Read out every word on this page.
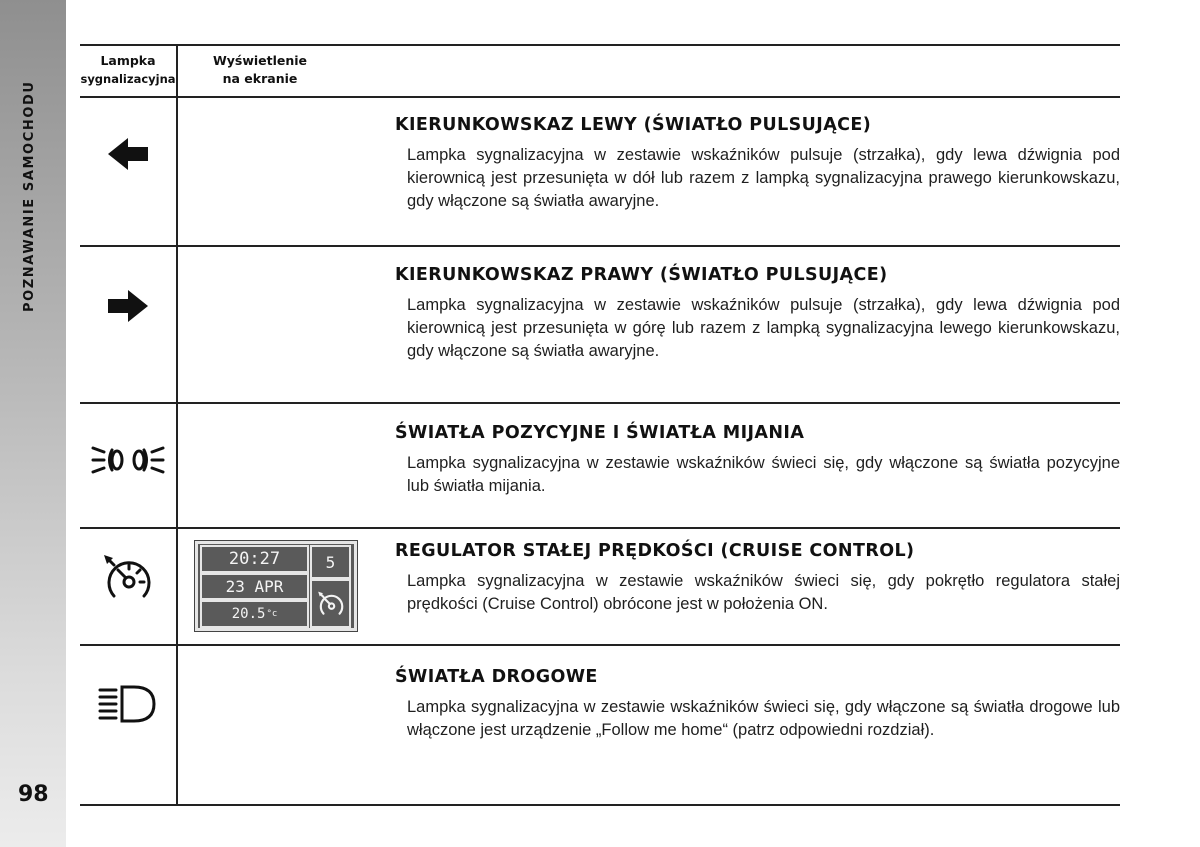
POZNAWANIE SAMOCHODU
98
Lampka
sygnalizacyjna
Wyświetlenie
na ekranie
KIERUNKOWSKAZ LEWY (ŚWIATŁO PULSUJĄCE)
Lampka sygnalizacyjna w zestawie wskaźników pulsuje (strzałka), gdy lewa dźwignia pod kierownicą jest przesunięta w dół lub razem z lampką sygnalizacyjna prawego kierunkowskazu, gdy włączone są światła awaryjne.
KIERUNKOWSKAZ PRAWY (ŚWIATŁO PULSUJĄCE)
Lampka sygnalizacyjna w zestawie wskaźników pulsuje (strzałka), gdy lewa dźwignia pod kierownicą jest przesunięta w górę lub razem z lampką sygnalizacyjna lewego kierunkowskazu, gdy włączone są światła awaryjne.
ŚWIATŁA POZYCYJNE I ŚWIATŁA MIJANIA
Lampka sygnalizacyjna w zestawie wskaźników świeci się, gdy włączone są światła pozycyjne lub światła mijania.
REGULATOR STAŁEJ PRĘDKOŚCI (CRUISE CONTROL)
Lampka sygnalizacyjna w zestawie wskaźników świeci się, gdy pokrętło regulatora stałej prędkości (Cruise Control) obrócone jest w położenia ON.
ŚWIATŁA DROGOWE
Lampka sygnalizacyjna w zestawie wskaźników świeci się, gdy włączone są światła drogowe lub włączone jest urządzenie „Follow me home“ (patrz odpowiedni rozdział).
20:27	5
23 APR
20.5 °c
